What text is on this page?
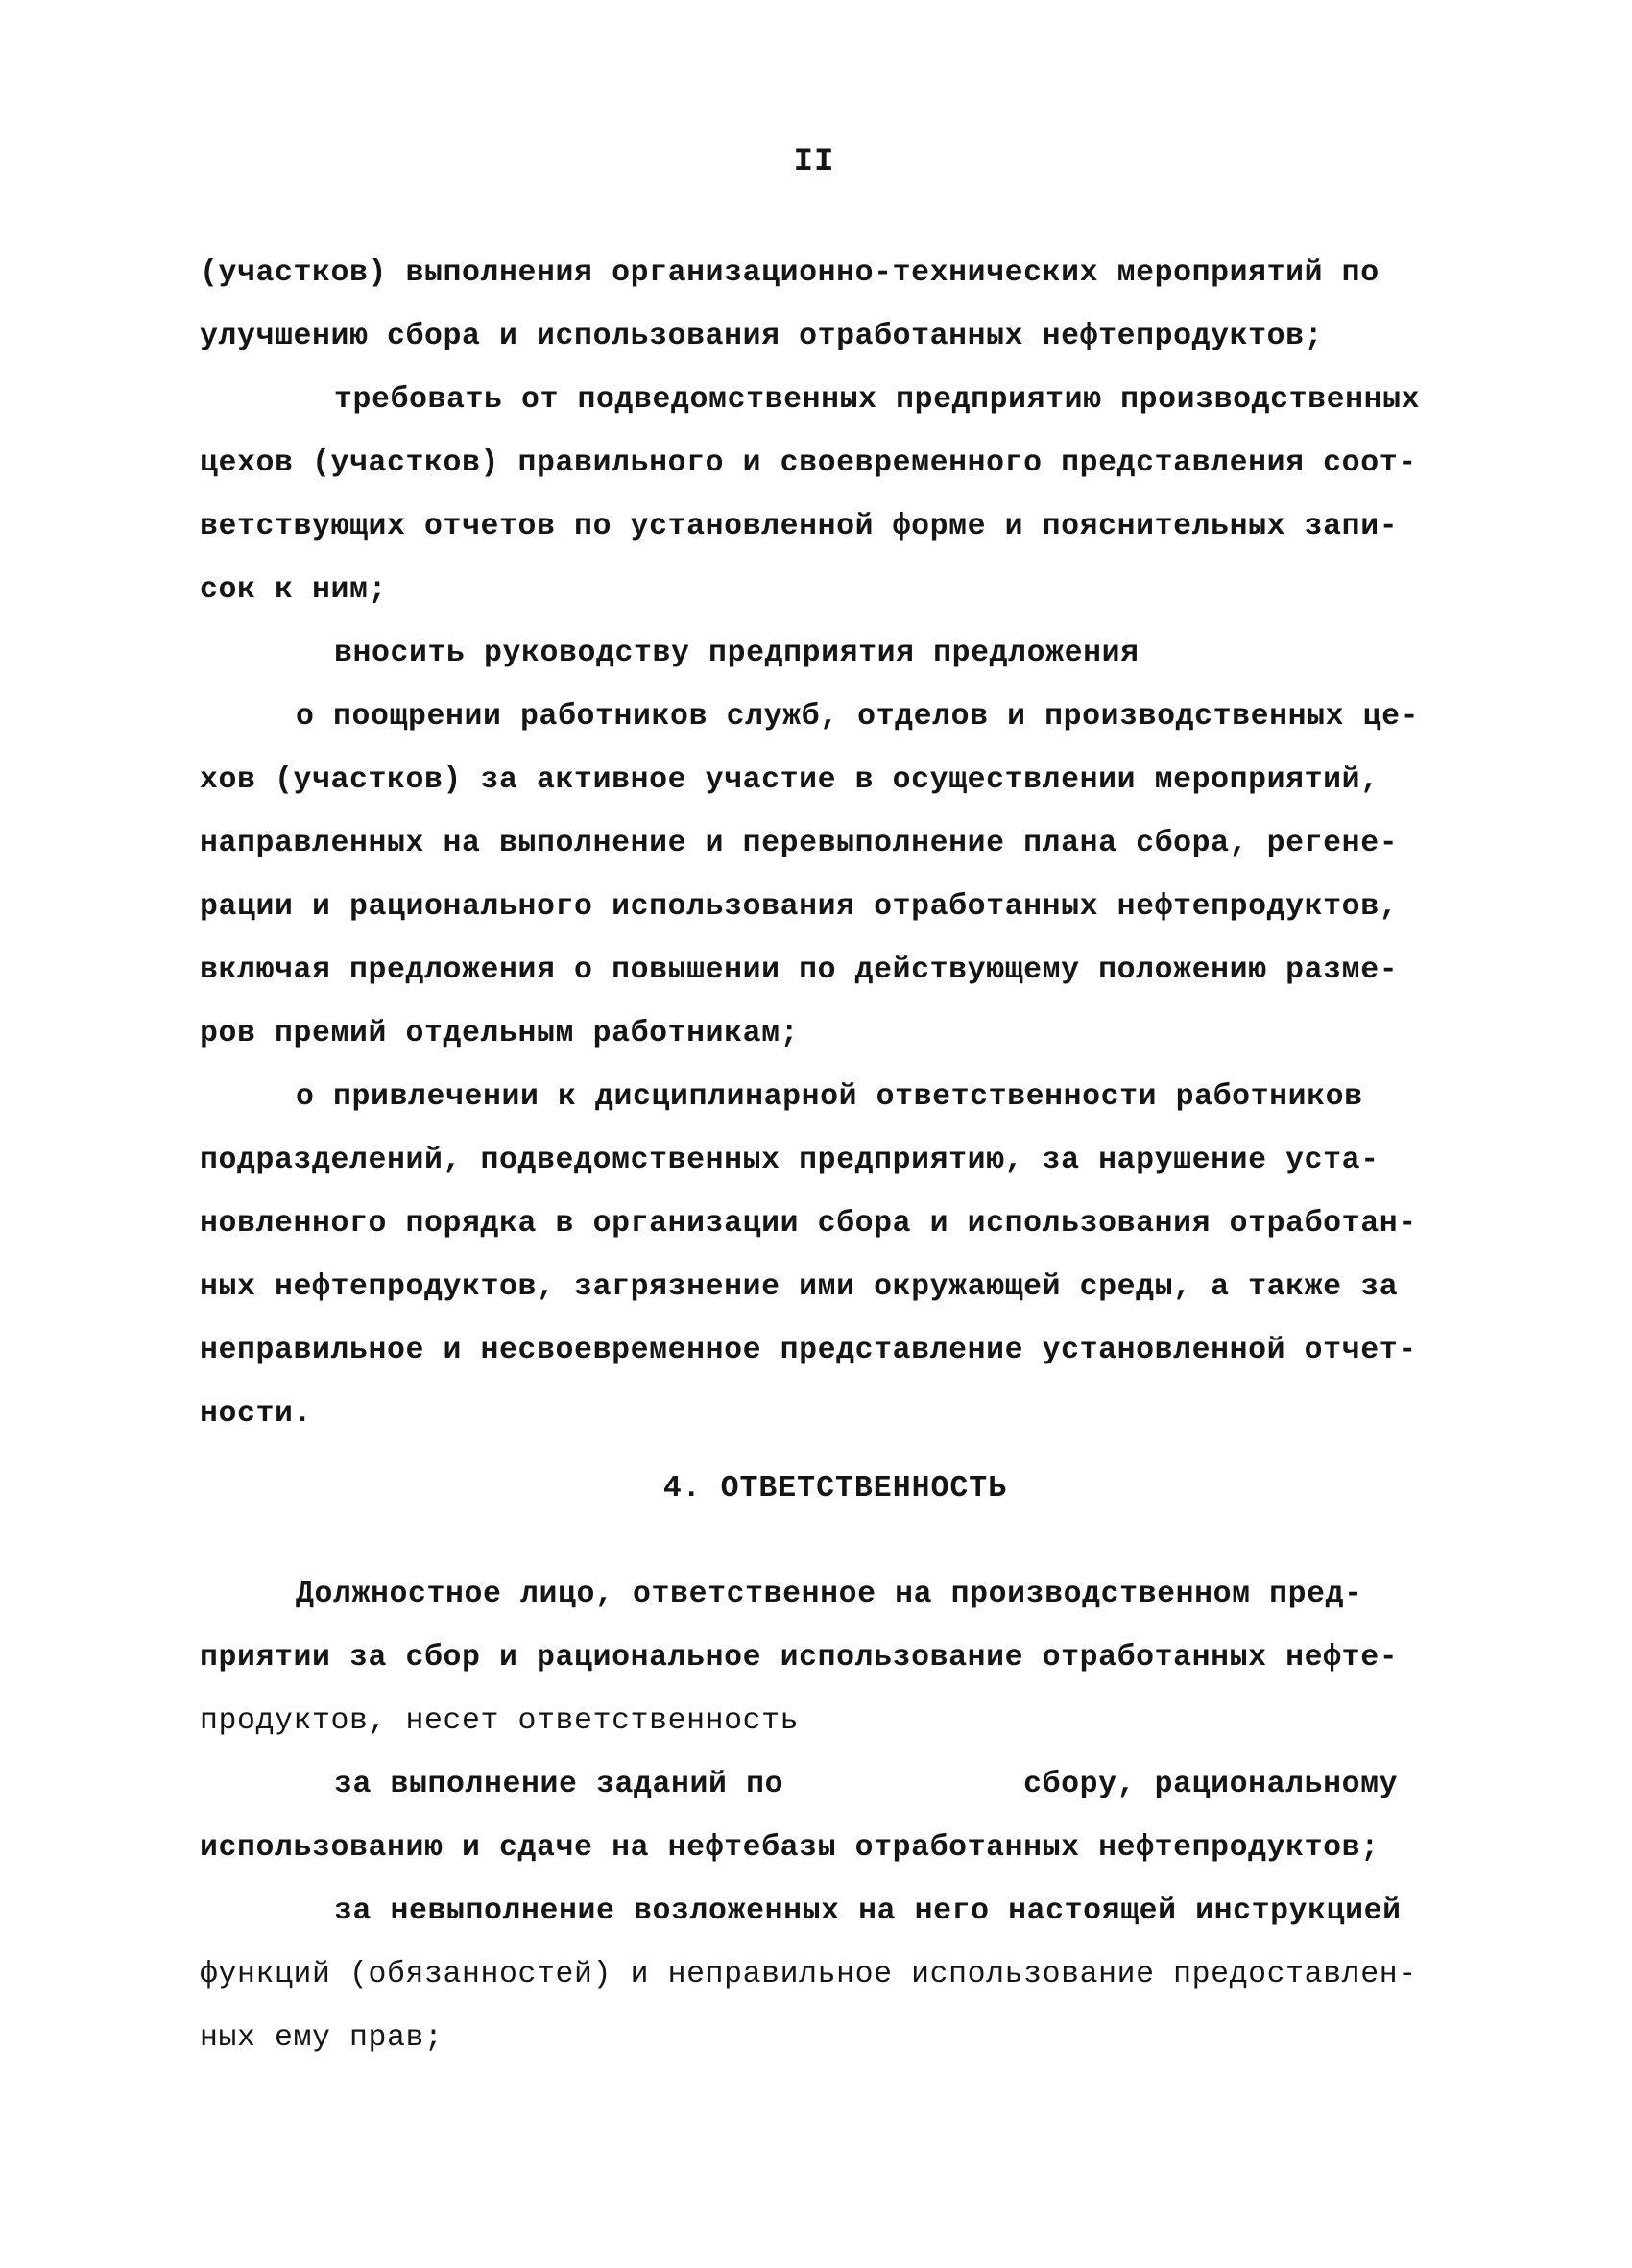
II
(участков) выполнения организационно-технических мероприятий по
улучшению сбора и использования отработанных нефтепродуктов;
требовать от подведомственных предприятию производственных
цехов (участков) правильного и своевременного представления соот-
ветствующих отчетов по установленной форме и пояснительных запи-
сок к ним;
вносить руководству предприятия предложения
о поощрении работников служб, отделов и производственных це-
хов (участков) за активное участие в осуществлении мероприятий,
направленных на выполнение и перевыполнение плана сбора, регене-
рации и рационального использования отработанных нефтепродуктов,
включая предложения о повышении по действующему положению разме-
ров премий отдельным работникам;
о привлечении к дисциплинарной ответственности работников
подразделений, подведомственных предприятию, за нарушение уста-
новленного порядка в организации сбора и использования отработан-
ных нефтепродуктов, загрязнение ими окружающей среды, а также за
неправильное и несвоевременное представление установленной отчет-
ности.
4. ОТВЕТСТВЕННОСТЬ
Должностное лицо, ответственное на производственном пред-
приятии за сбор и рациональное использование отработанных нефте-
продуктов, несет ответственность
за выполнение заданий по	сбору, рациональному
использованию и сдаче на нефтебазы отработанных нефтепродуктов;
за невыполнение возложенных на него настоящей инструкцией
функций (обязанностей) и неправильное использование предоставлен-
ных ему прав;
